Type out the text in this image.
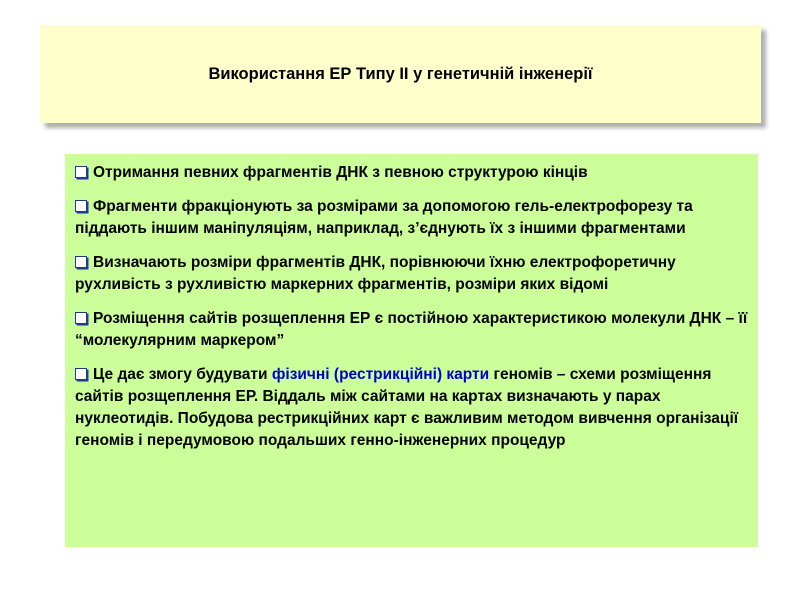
Використання ЕР Типу ІІ у генетичній інженерії

Отримання певних фрагментів ДНК з певною структурою кінців

Фрагменти фракціонують за розмірами за допомогою гель-електрофорезу та піддають іншим маніпуляціям, наприклад, з’єднують їх з іншими фрагментами

Визначають розміри фрагментів ДНК, порівнюючи їхню електрофоретичну рухливість з рухливістю маркерних фрагментів, розміри яких відомі

Розміщення сайтів розщеплення ЕР є постійною характеристикою молекули ДНК – її “молекулярним маркером”

Це дає змогу будувати фізичні (рестрикційні) карти геномів – схеми розміщення сайтів розщеплення ЕР. Віддаль між сайтами на картах визначають у парах нуклеотидів. Побудова рестрикційних карт є важливим методом вивчення організації геномів і передумовою подальших генно-інженерних процедур
